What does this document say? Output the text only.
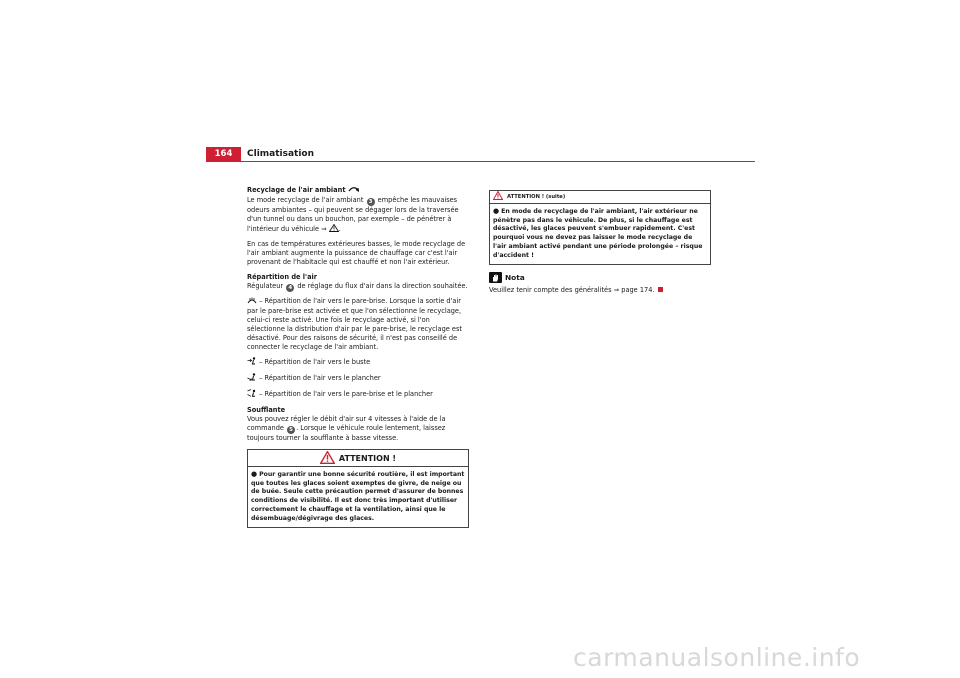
164	Climatisation

Recyclage de l'air ambiant

Le mode recyclage de l'air ambiant 3 empêche les mauvaises odeurs ambiantes – qui peuvent se dégager lors de la traversée d'un tunnel ou dans un bouchon, par exemple – de pénétrer à l'intérieur du véhicule ⇒ .

En cas de températures extérieures basses, le mode recyclage de l'air ambiant augmente la puissance de chauffage car c'est l'air provenant de l'habitacle qui est chauffé et non l'air extérieur.

Répartition de l'air

Régulateur 4 de réglage du flux d'air dans la direction souhaitée.

– Répartition de l'air vers le pare-brise. Lorsque la sortie d'air par le pare-brise est activée et que l'on sélectionne le recyclage, celui-ci reste activé. Une fois le recyclage activé, si l'on sélectionne la distribution d'air par le pare-brise, le recyclage est désactivé. Pour des raisons de sécurité, il n'est pas conseillé de connecter le recyclage de l'air ambiant.

– Répartition de l'air vers le buste

– Répartition de l'air vers le plancher

– Répartition de l'air vers le pare-brise et le plancher

Soufflante

Vous pouvez régler le débit d'air sur 4 vitesses à l'aide de la commande 5 . Lorsque le véhicule roule lentement, laissez toujours tourner la soufflante à basse vitesse.

ATTENTION !
● Pour garantir une bonne sécurité routière, il est important que toutes les glaces soient exemptes de givre, de neige ou de buée. Seule cette précaution permet d'assurer de bonnes conditions de visibilité. Il est donc très important d'utiliser correctement le chauffage et la ventilation, ainsi que le désembuage/dégivrage des glaces.
ATTENTION ! (suite)
● En mode de recyclage de l'air ambiant, l'air extérieur ne pénètre pas dans le véhicule. De plus, si le chauffage est désactivé, les glaces peuvent s'embuer rapidement. C'est pourquoi vous ne devez pas laisser le mode recyclage de l'air ambiant activé pendant une période prolongée – risque d'accident !
Nota

Veuillez tenir compte des généralités ⇒ page 174.

carmanualsonline.info
